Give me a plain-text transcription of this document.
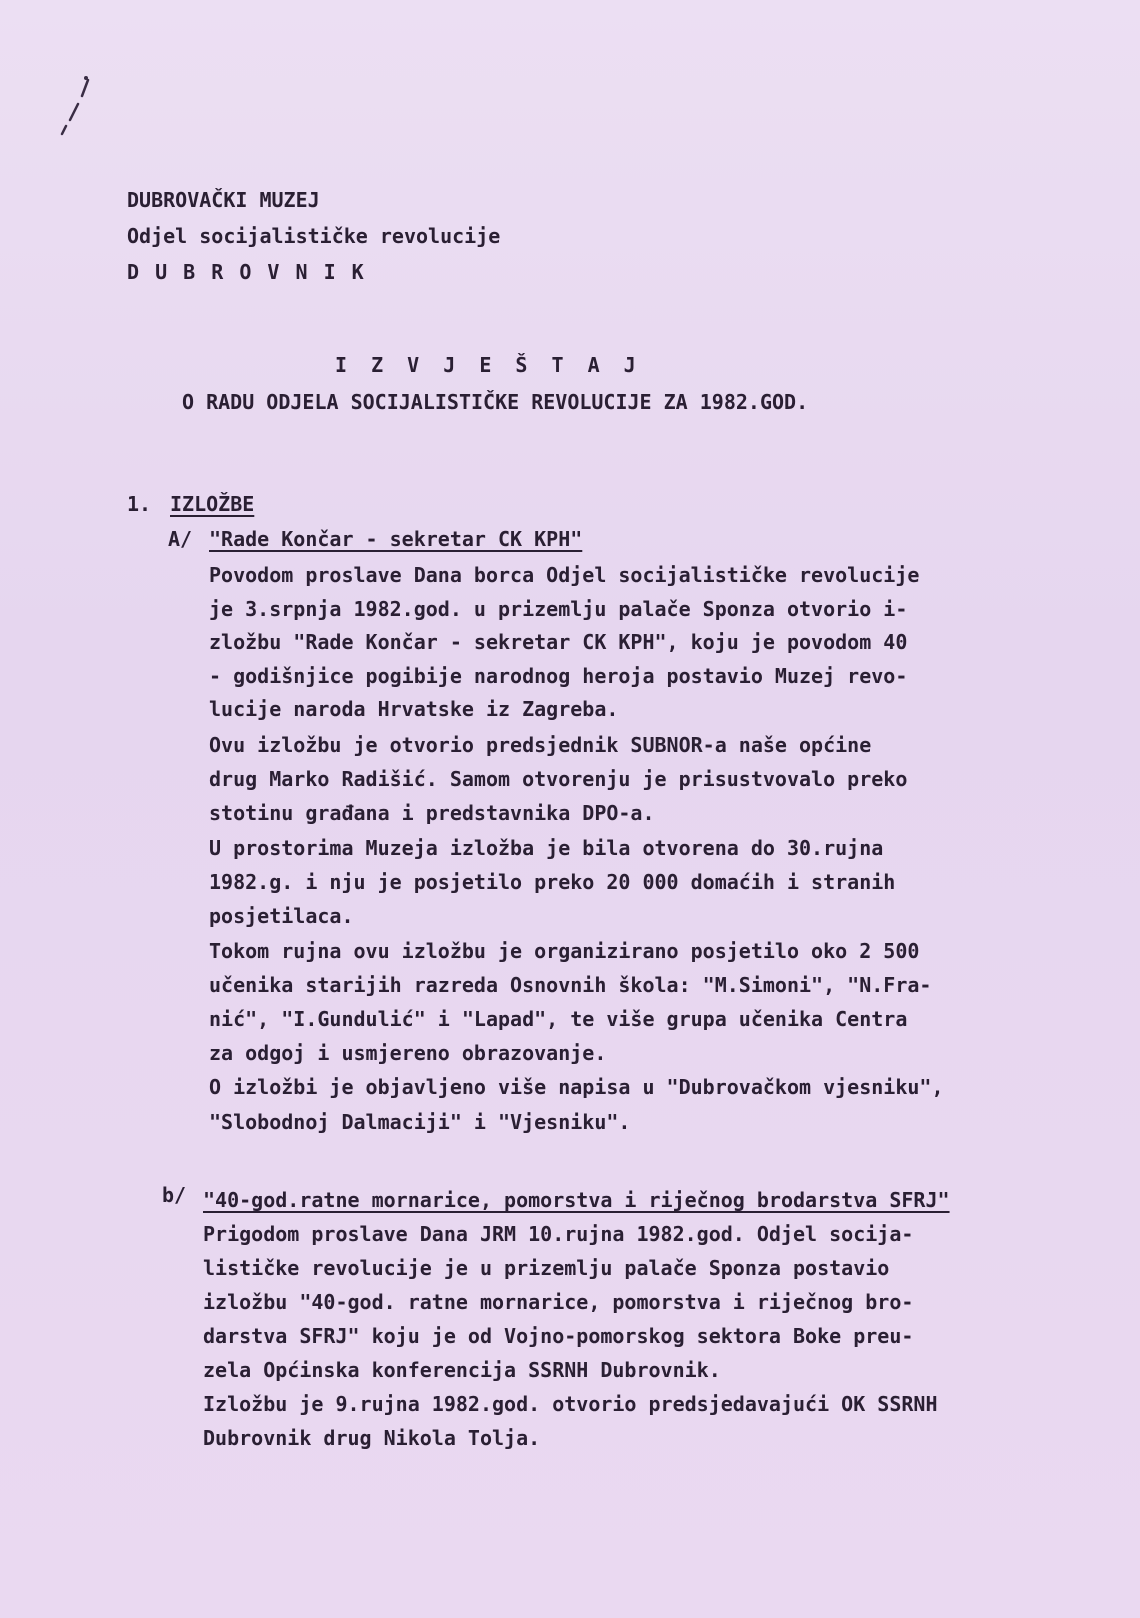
DUBROVAČKI MUZEJ
Odjel socijalističke revolucije
D U B R O V N I K
I Z V J E Š T A J
O RADU ODJELA SOCIJALISTIČKE REVOLUCIJE ZA 1982.GOD.
1. IZLOŽBE
A/ "Rade Končar - sekretar CK KPH"
Povodom proslave Dana borca Odjel socijalističke revolucije
je 3.srpnja 1982.god. u prizemlju palače Sponza otvorio i-
zložbu "Rade Končar - sekretar CK KPH", koju je povodom 40
- godišnjice pogibije narodnog heroja postavio Muzej revo-
lucije naroda Hrvatske iz Zagreba.
Ovu izložbu je otvorio predsjednik SUBNOR-a naše općine
drug Marko Radišić. Samom otvorenju je prisustvovalo preko
stotinu građana i predstavnika DPO-a.
U prostorima Muzeja izložba je bila otvorena do 30.rujna
1982.g. i nju je posjetilo preko 20 000 domaćih i stranih
posjetilaca.
Tokom rujna ovu izložbu je organizirano posjetilo oko 2 500
učenika starijih razreda Osnovnih škola: "M.Simoni", "N.Fra-
nić", "I.Gundulić" i "Lapad", te više grupa učenika Centra
za odgoj i usmjereno obrazovanje.
O izložbi je objavljeno više napisa u "Dubrovačkom vjesniku",
"Slobodnoj Dalmaciji" i "Vjesniku".
b/ "40-god.ratne mornarice, pomorstva i riječnog brodarstva SFRJ"
Prigodom proslave Dana JRM 10.rujna 1982.god. Odjel socija-
lističke revolucije je u prizemlju palače Sponza postavio
izložbu "40-god. ratne mornarice, pomorstva i riječnog bro-
darstva SFRJ" koju je od Vojno-pomorskog sektora Boke preu-
zela Općinska konferencija SSRNH Dubrovnik.
Izložbu je 9.rujna 1982.god. otvorio predsjedavajući OK SSRNH
Dubrovnik drug Nikola Tolja.
